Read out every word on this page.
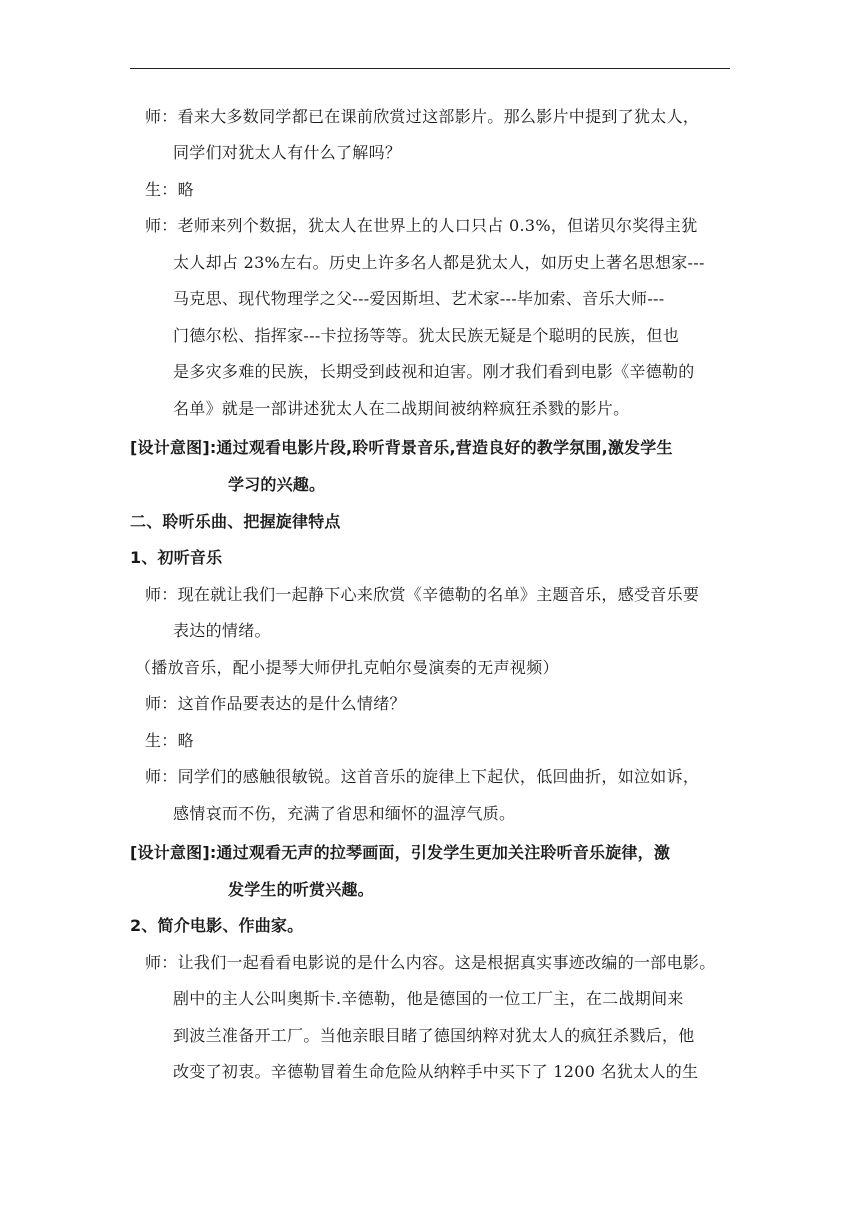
师：看来大多数同学都已在课前欣赏过这部影片。那么影片中提到了犹太人，
同学们对犹太人有什么了解吗？
生：略
师：老师来列个数据，犹太人在世界上的人口只占 0.3%，但诺贝尔奖得主犹
太人却占 23%左右。历史上许多名人都是犹太人，如历史上著名思想家---
马克思、现代物理学之父---爱因斯坦、艺术家---毕加索、音乐大师---
门德尔松、指挥家---卡拉扬等等。犹太民族无疑是个聪明的民族，但也
是多灾多难的民族，长期受到歧视和迫害。刚才我们看到电影《辛德勒的
名单》就是一部讲述犹太人在二战期间被纳粹疯狂杀戮的影片。
[设计意图]:通过观看电影片段,聆听背景音乐,营造良好的教学氛围,激发学生
学习的兴趣。
二、聆听乐曲、把握旋律特点
1、初听音乐
师：现在就让我们一起静下心来欣赏《辛德勒的名单》主题音乐，感受音乐要
表达的情绪。
（播放音乐，配小提琴大师伊扎克帕尔曼演奏的无声视频）
师：这首作品要表达的是什么情绪？
生：略
师：同学们的感触很敏锐。这首音乐的旋律上下起伏，低回曲折，如泣如诉，
感情哀而不伤，充满了省思和缅怀的温淳气质。
[设计意图]:通过观看无声的拉琴画面，引发学生更加关注聆听音乐旋律，激
发学生的听赏兴趣。
2、简介电影、作曲家。
师：让我们一起看看电影说的是什么内容。这是根据真实事迹改编的一部电影。
剧中的主人公叫奥斯卡.辛德勒，他是德国的一位工厂主，在二战期间来
到波兰准备开工厂。当他亲眼目睹了德国纳粹对犹太人的疯狂杀戮后，他
改变了初衷。辛德勒冒着生命危险从纳粹手中买下了 1200 名犹太人的生
